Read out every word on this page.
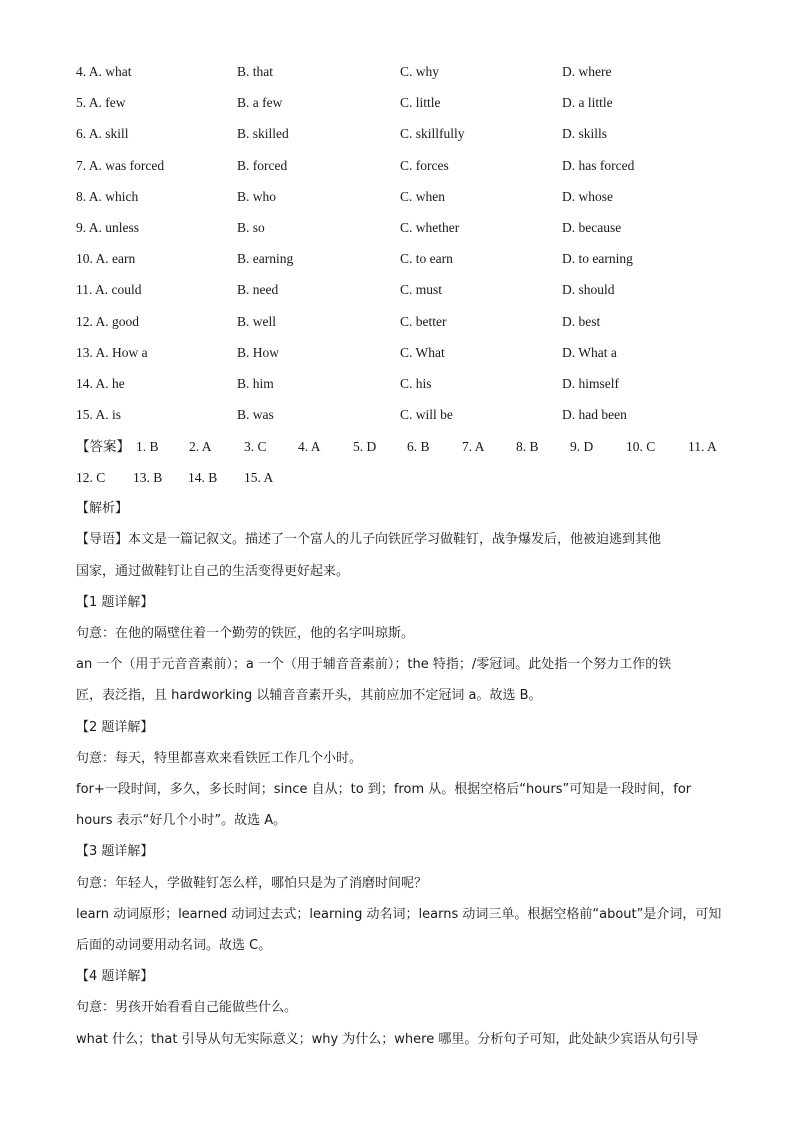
4. A. what	B. that	C. why	D. where
5. A. few	B. a few	C. little	D. a little
6. A. skill	B. skilled	C. skillfully	D. skills
7. A. was forced	B. forced	C. forces	D. has forced
8. A. which	B. who	C. when	D. whose
9. A. unless	B. so	C. whether	D. because
10. A. earn	B. earning	C. to earn	D. to earning
11. A. could	B. need	C. must	D. should
12. A. good	B. well	C. better	D. best
13. A. How a	B. How	C. What	D. What a
14. A. he	B. him	C. his	D. himself
15. A. is	B. was	C. will be	D. had been
【答案】 1. B 2. A 3. C 4. A 5. D 6. B 7. A 8. B 9. D 10. C 11. A
12. C 13. B 14. B 15. A
【解析】
【导语】本文是一篇记叙文。描述了一个富人的儿子向铁匠学习做鞋钉，战争爆发后，他被迫逃到其他
国家，通过做鞋钉让自己的生活变得更好起来。
【1 题详解】
句意：在他的隔壁住着一个勤劳的铁匠，他的名字叫琼斯。
an 一个（用于元音音素前）；a 一个（用于辅音音素前）；the 特指；/零冠词。此处指一个努力工作的铁
匠，表泛指，且 hardworking 以辅音音素开头，其前应加不定冠词 a。故选 B。
【2 题详解】
句意：每天，特里都喜欢来看铁匠工作几个小时。
for+一段时间，多久，多长时间；since 自从；to 到；from 从。根据空格后“hours”可知是一段时间，for
hours 表示“好几个小时”。故选 A。
【3 题详解】
句意：年轻人，学做鞋钉怎么样，哪怕只是为了消磨时间呢？
learn 动词原形；learned 动词过去式；learning 动名词；learns 动词三单。根据空格前“about”是介词，可知
后面的动词要用动名词。故选 C。
【4 题详解】
句意：男孩开始看看自己能做些什么。
what 什么；that 引导从句无实际意义；why 为什么；where 哪里。分析句子可知，此处缺少宾语从句引导
